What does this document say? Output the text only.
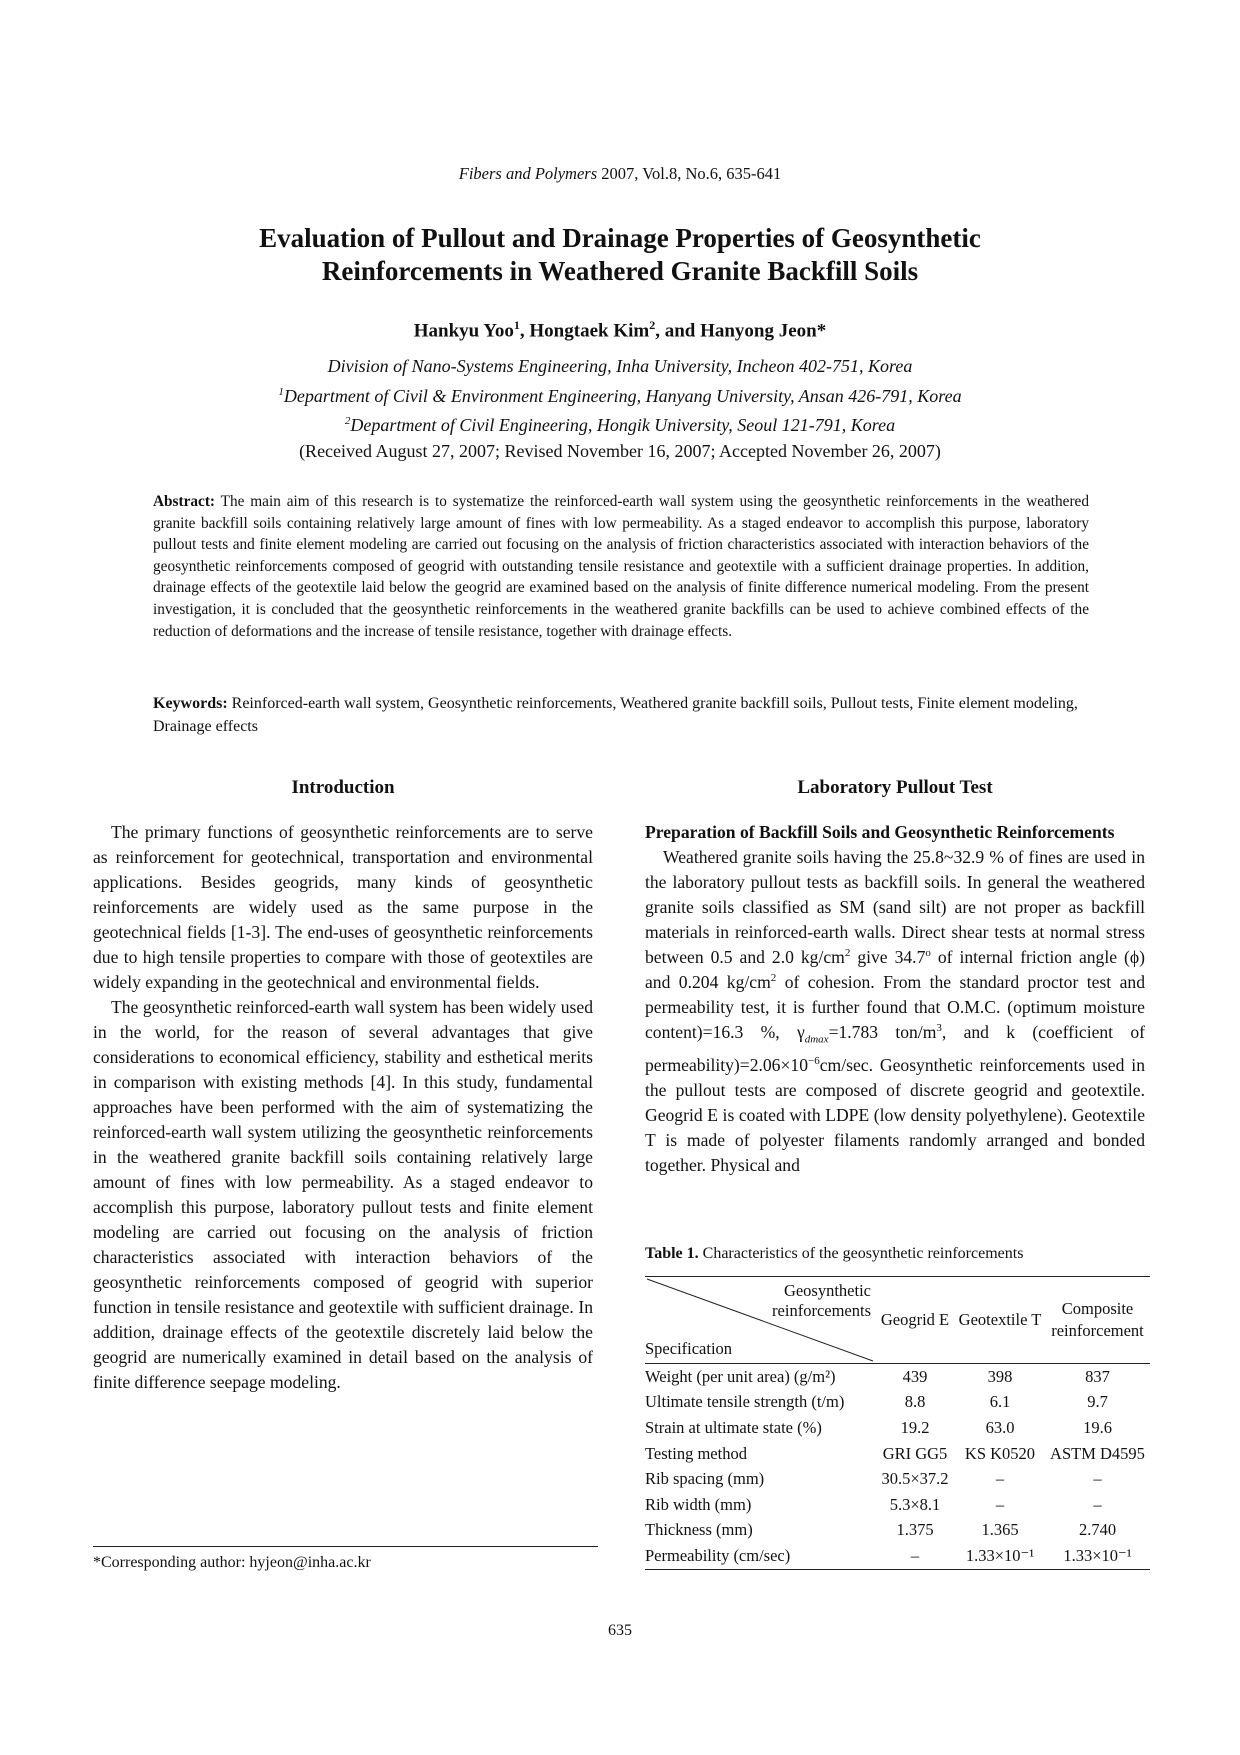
Fibers and Polymers 2007, Vol.8, No.6, 635-641
Evaluation of Pullout and Drainage Properties of Geosynthetic
Reinforcements in Weathered Granite Backfill Soils
Hankyu Yoo$^1$, Hongtaek Kim$^2$, and Hanyong Jeon*
Division of Nano-Systems Engineering, Inha University, Incheon 402-751, Korea
$^1$Department of Civil & Environment Engineering, Hanyang University, Ansan 426-791, Korea
$^2$Department of Civil Engineering, Hongik University, Seoul 121-791, Korea
(Received August 27, 2007; Revised November 16, 2007; Accepted November 26, 2007)
Abstract: The main aim of this research is to systematize the reinforced-earth wall system using the geosynthetic reinforcements in the weathered granite backfill soils containing relatively large amount of fines with low permeability. As a staged endeavor to accomplish this purpose, laboratory pullout tests and finite element modeling are carried out focusing on the analysis of friction characteristics associated with interaction behaviors of the geosynthetic reinforcements composed of geogrid with outstanding tensile resistance and geotextile with a sufficient drainage properties. In addition, drainage effects of the geotextile laid below the geogrid are examined based on the analysis of finite difference numerical modeling. From the present investigation, it is concluded that the geosynthetic reinforcements in the weathered granite backfills can be used to achieve combined effects of the reduction of deformations and the increase of tensile resistance, together with drainage effects.
Keywords: Reinforced-earth wall system, Geosynthetic reinforcements, Weathered granite backfill soils, Pullout tests, Finite element modeling, Drainage effects
Introduction	Laboratory Pullout Test

The primary functions of geosynthetic reinforcements are to serve as reinforcement for geotechnical, transportation and environmental applications. Besides geogrids, many kinds of geosynthetic reinforcements are widely used as the same purpose in the geotechnical fields [1-3]. The end-uses of geosynthetic reinforcements due to high tensile properties to compare with those of geotextiles are widely expanding in the geotechnical and environmental fields.

The geosynthetic reinforced-earth wall system has been widely used in the world, for the reason of several advantages that give considerations to economical efficiency, stability and esthetical merits in comparison with existing methods [4]. In this study, fundamental approaches have been performed with the aim of systematizing the reinforced-earth wall system utilizing the geosynthetic reinforcements in the weathered granite backfill soils containing relatively large amount of fines with low permeability. As a staged endeavor to accomplish this purpose, laboratory pullout tests and finite element modeling are carried out focusing on the analysis of friction characteristics associated with interaction behaviors of the geosynthetic reinforcements composed of geogrid with superior function in tensile resistance and geotextile with sufficient drainage. In addition, drainage effects of the geotextile discretely laid below the geogrid are numerically examined in detail based on the analysis of finite difference seepage modeling.

Preparation of Backfill Soils and Geosynthetic Reinforcements

Weathered granite soils having the 25.8~32.9 % of fines are used in the laboratory pullout tests as backfill soils. In general the weathered granite soils classified as SM (sand silt) are not proper as backfill materials in reinforced-earth walls. Direct shear tests at normal stress between 0.5 and 2.0 $kg/cm^2$ give 34.7$^o$ of internal friction angle (ϕ) and 0.204 $kg/cm^2$ of cohesion. From the standard proctor test and permeability test, it is further found that O.M.C. (optimum moisture content)=16.3 %, $\gamma_{dmax}=1.783$ ton/$m^3$, and k (coefficient of $permeability)=2.06\times 10^{-6}cm/\sec$. Geosynthetic reinforcements used in the pullout tests are composed of discrete geogrid and geotextile. Geogrid E is coated with LDPE (low density polyethylene). Geotextile T is made of polyester filaments randomly arranged and bonded together. Physical and

Table 1. Characteristics of the geosynthetic reinforcements
Geosynthetic
reinforcements
Specification	Geogrid E	Geotextile T	Composite reinforcement
Weight (per unit area) (g/m²)	439	398	837
Ultimate tensile strength (t/m)	8.8	6.1	9.7
Strain at ultimate state (%)	19.2	63.0	19.6
Testing method	GRI GG5	KS K0520	ASTM D4595
Rib spacing (mm)	30.5×37.2	–	–
Rib width (mm)	5.3×8.1	–	–
Thickness (mm)	1.375	1.365	2.740
Permeability (cm/sec)	–	1.33×10⁻¹	1.33×10⁻¹
*Corresponding author: hyjeon@inha.ac.kr
635
